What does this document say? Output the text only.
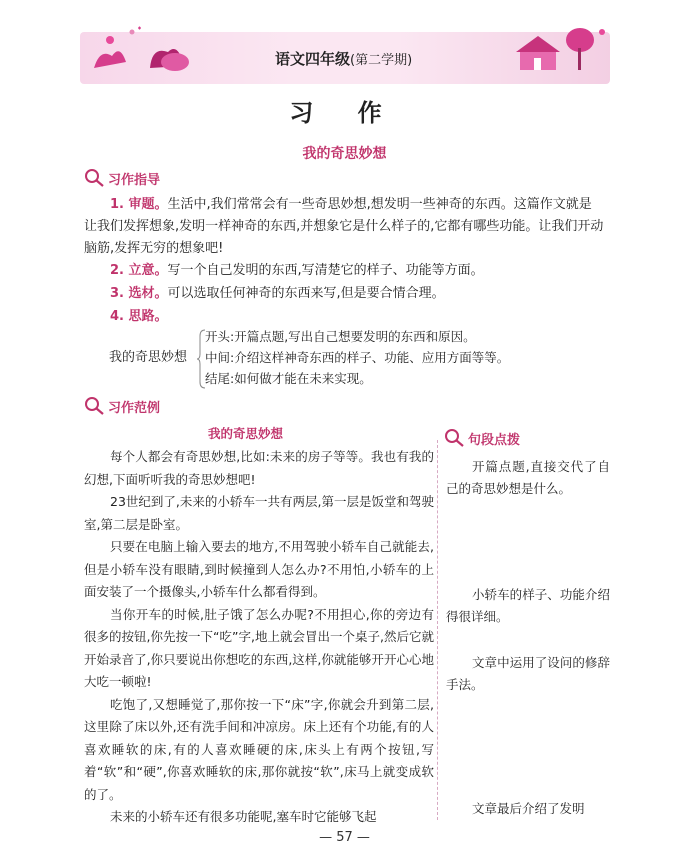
语文四年级(第二学期)
习 作
我的奇思妙想
习作指导

1. 审题。生活中,我们常常会有一些奇思妙想,想发明一些神奇的东西。这篇作文就是让我们发挥想象,发明一样神奇的东西,并想象它是什么样子的,它都有哪些功能。让我们开动脑筋,发挥无穷的想象吧!

2. 立意。写一个自己发明的东西,写清楚它的样子、功能等方面。
3. 选材。可以选取任何神奇的东西来写,但是要合情合理。
4. 思路。
我的奇思妙想
开头:开篇点题,写出自己想要发明的东西和原因。
中间:介绍这样神奇东西的样子、功能、应用方面等等。
结尾:如何做才能在未来实现。
习作范例
我的奇思妙想

每个人都会有奇思妙想,比如:未来的房子等等。我也有我的幻想,下面听听我的奇思妙想吧!

23世纪到了,未来的小轿车一共有两层,第一层是饭堂和驾驶室,第二层是卧室。

只要在电脑上输入要去的地方,不用驾驶小轿车自己就能去,但是小轿车没有眼睛,到时候撞到人怎么办?不用怕,小轿车的上面安装了一个摄像头,小轿车什么都看得到。

当你开车的时候,肚子饿了怎么办呢?不用担心,你的旁边有很多的按钮,你先按一下“吃”字,地上就会冒出一个桌子,然后它就开始录音了,你只要说出你想吃的东西,这样,你就能够开开心心地大吃一顿啦!

吃饱了,又想睡觉了,那你按一下“床”字,你就会升到第二层,这里除了床以外,还有洗手间和冲凉房。床上还有个功能,有的人喜欢睡软的床,有的人喜欢睡硬的床,床头上有两个按钮,写着“软”和“硬”,你喜欢睡软的床,那你就按“软”,床马上就变成软的了。

未来的小轿车还有很多功能呢,塞车时它能够飞起

句段点拨

开篇点题,直接交代了自己的奇思妙想是什么。

小轿车的样子、功能介绍得很详细。

文章中运用了设问的修辞手法。

文章最后介绍了发明

— 57 —
